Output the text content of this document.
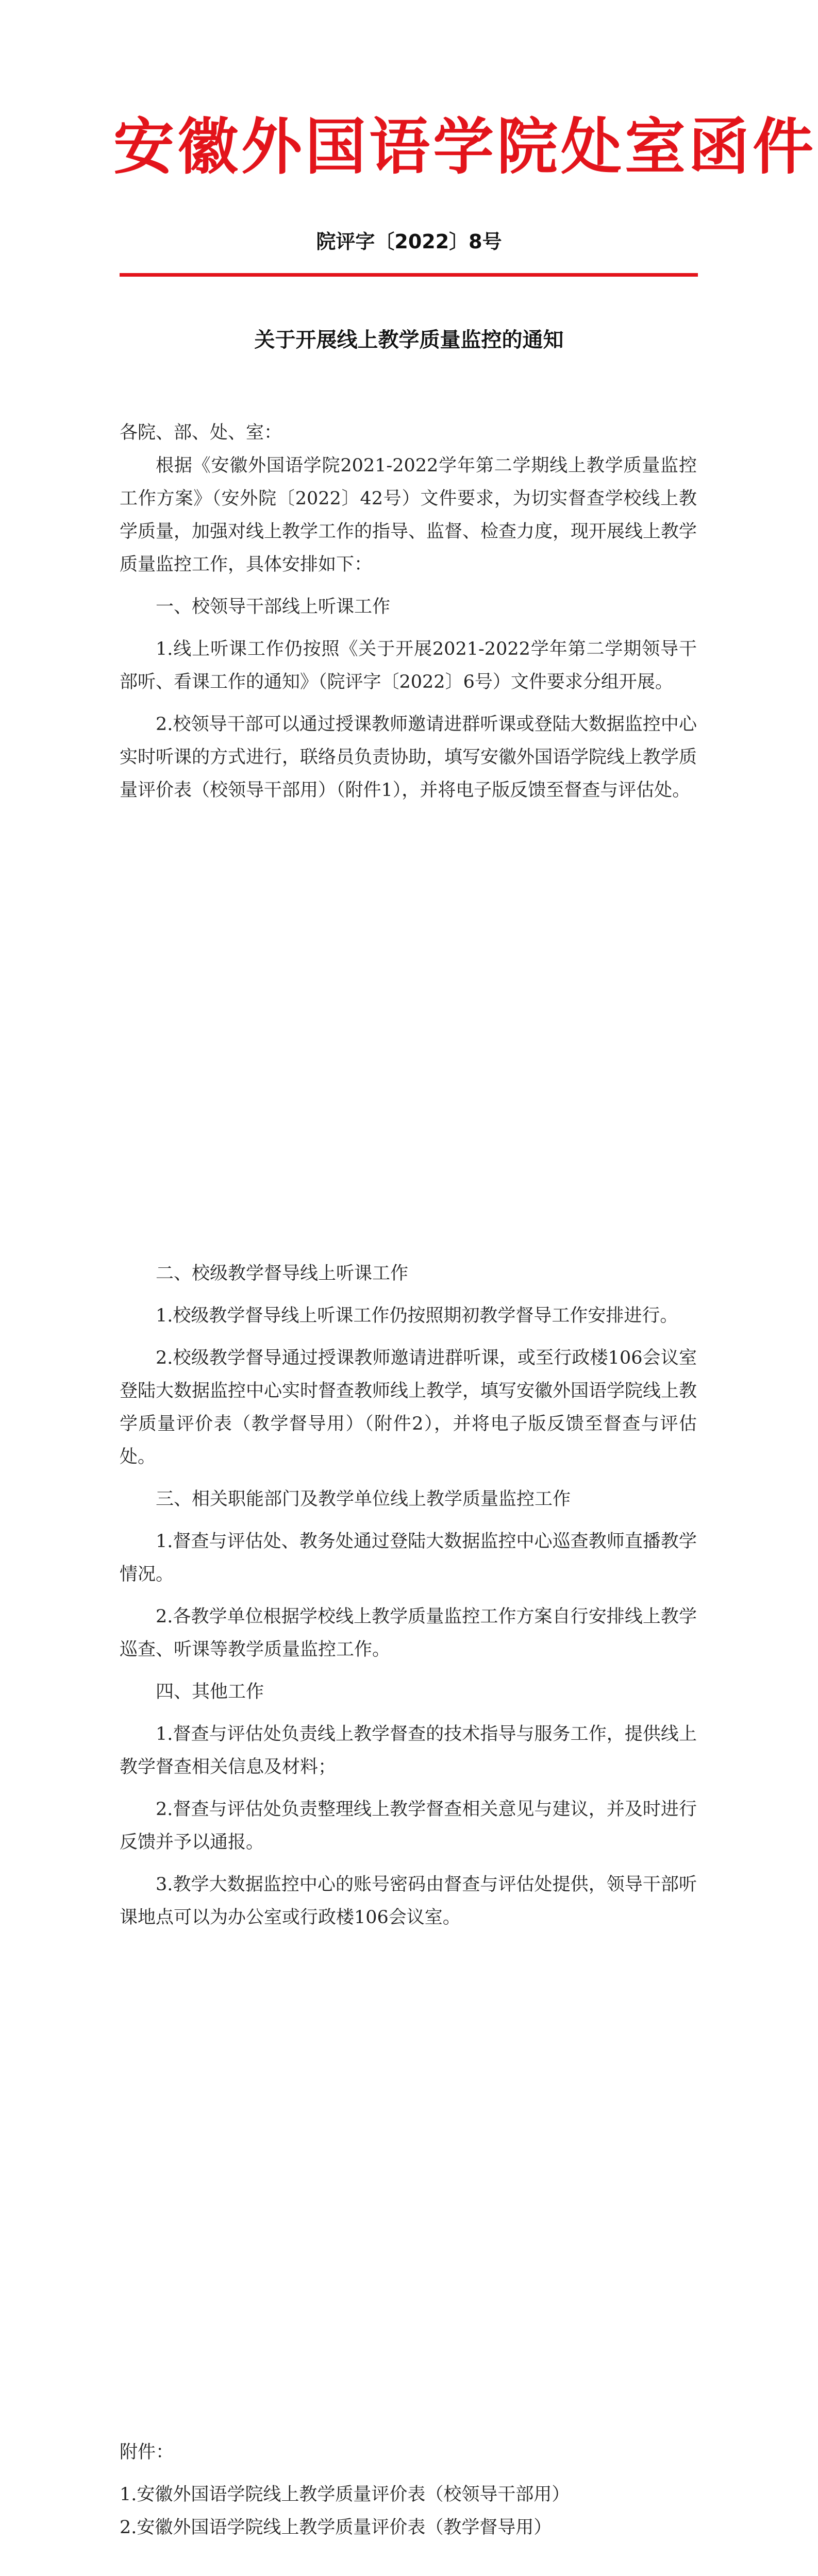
安徽外国语学院处室函件
院评字〔2022〕8号
关于开展线上教学质量监控的通知

各院、部、处、室：

根据《安徽外国语学院2021-2022学年第二学期线上教学质量监控工作方案》（安外院〔2022〕42号）文件要求，为切实督查学校线上教学质量，加强对线上教学工作的指导、监督、检查力度，现开展线上教学质量监控工作，具体安排如下：

一、校领导干部线上听课工作

1.线上听课工作仍按照《关于开展2021-2022学年第二学期领导干部听、看课工作的通知》（院评字〔2022〕6号）文件要求分组开展。

2.校领导干部可以通过授课教师邀请进群听课或登陆大数据监控中心实时听课的方式进行，联络员负责协助，填写安徽外国语学院线上教学质量评价表（校领导干部用）（附件1），并将电子版反馈至督查与评估处。

二、校级教学督导线上听课工作

1.校级教学督导线上听课工作仍按照期初教学督导工作安排进行。

2.校级教学督导通过授课教师邀请进群听课，或至行政楼106会议室登陆大数据监控中心实时督查教师线上教学，填写安徽外国语学院线上教学质量评价表（教学督导用）（附件2），并将电子版反馈至督查与评估处。

三、相关职能部门及教学单位线上教学质量监控工作

1.督查与评估处、教务处通过登陆大数据监控中心巡查教师直播教学情况。

2.各教学单位根据学校线上教学质量监控工作方案自行安排线上教学巡查、听课等教学质量监控工作。

四、其他工作

1.督查与评估处负责线上教学督查的技术指导与服务工作，提供线上教学督查相关信息及材料；

2.督查与评估处负责整理线上教学督查相关意见与建议，并及时进行反馈并予以通报。

3.教学大数据监控中心的账号密码由督查与评估处提供，领导干部听课地点可以为办公室或行政楼106会议室。

附件：

1.安徽外国语学院线上教学质量评价表（校领导干部用）

2.安徽外国语学院线上教学质量评价表（教学督导用）
